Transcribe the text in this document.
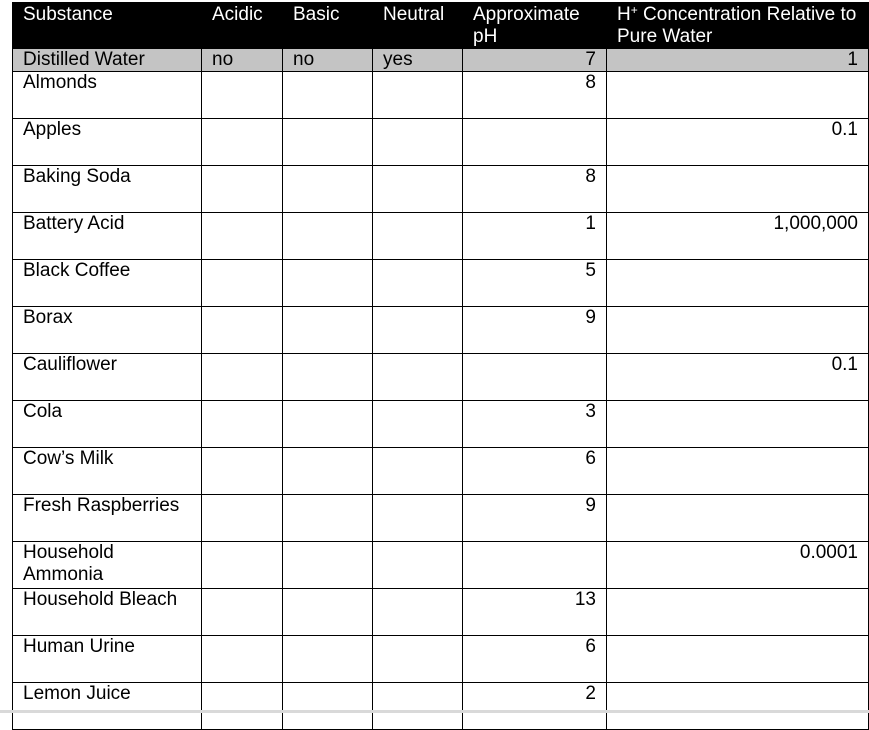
Substance	Acidic	Basic	Neutral	Approximate pH	H+ Concentration Relative to Pure Water
Distilled Water	no	no	yes	7	1
Almonds				8	
Apples					0.1
Baking Soda				8	
Battery Acid				1	1,000,000
Black Coffee				5	
Borax				9	
Cauliflower					0.1
Cola				3	
Cow’s Milk				6	
Fresh Raspberries				9	
Household Ammonia					0.0001
Household Bleach				13	
Human Urine				6	
Lemon Juice				2	
